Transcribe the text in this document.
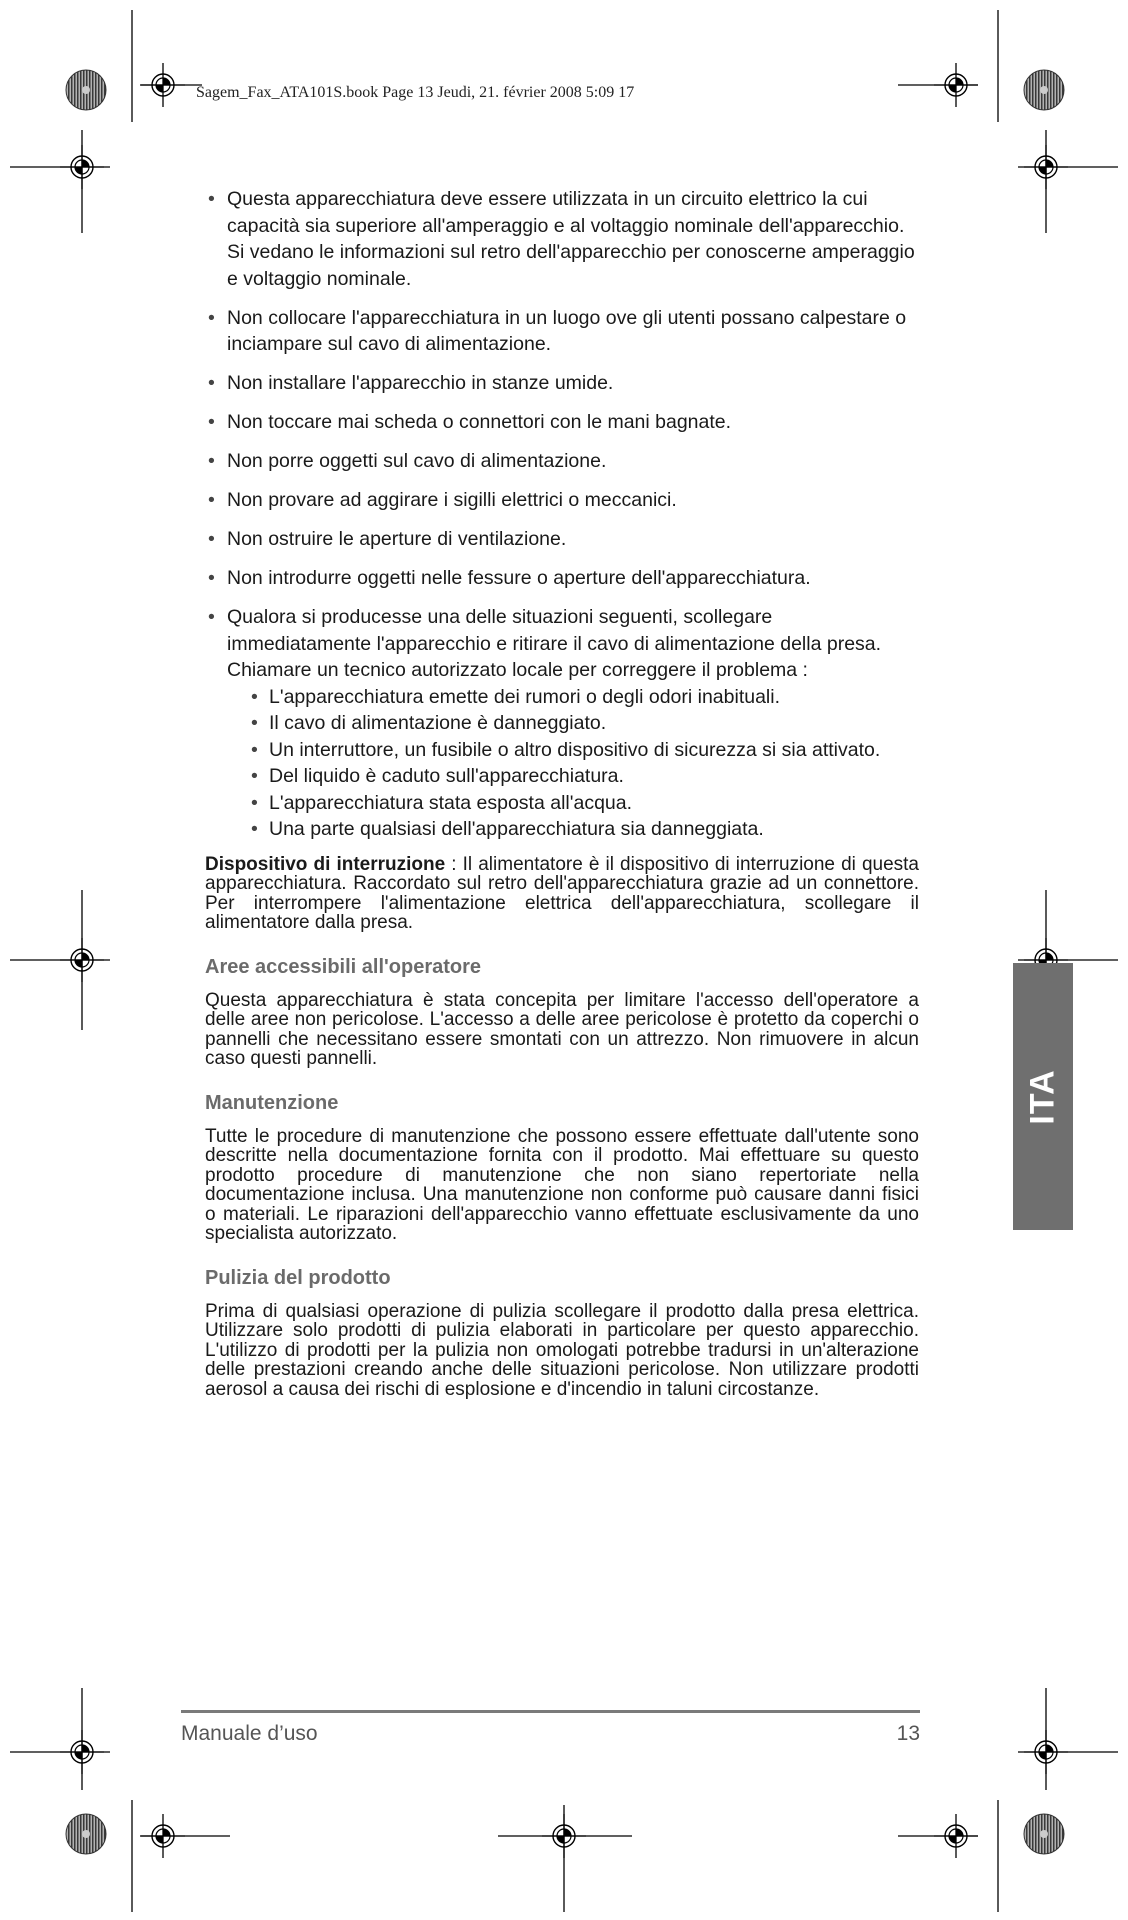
Sagem_Fax_ATA101S.book Page 13 Jeudi, 21. février 2008 5:09 17
• Questa apparecchiatura deve essere utilizzata in un circuito elettrico la cui capacità sia superiore all'amperaggio e al voltaggio nominale dell'apparecchio. Si vedano le informazioni sul retro dell'apparecchio per conoscerne amperaggio e voltaggio nominale.
• Non collocare l'apparecchiatura in un luogo ove gli utenti possano calpestare o inciampare sul cavo di alimentazione.
• Non installare l'apparecchio in stanze umide.
• Non toccare mai scheda o connettori con le mani bagnate.
• Non porre oggetti sul cavo di alimentazione.
• Non provare ad aggirare i sigilli elettrici o meccanici.
• Non ostruire le aperture di ventilazione.
• Non introdurre oggetti nelle fessure o aperture dell'apparecchiatura.
• Qualora si producesse una delle situazioni seguenti, scollegare immediatamente l'apparecchio e ritirare il cavo di alimentazione della presa. Chiamare un tecnico autorizzato locale per correggere il problema :
• L'apparecchiatura emette dei rumori o degli odori inabituali.
• Il cavo di alimentazione è danneggiato.
• Un interruttore, un fusibile o altro dispositivo di sicurezza si sia attivato.
• Del liquido è caduto sull'apparecchiatura.
• L'apparecchiatura stata esposta all'acqua.
• Una parte qualsiasi dell'apparecchiatura sia danneggiata.

Dispositivo di interruzione : Il alimentatore è il dispositivo di interruzione di questa apparecchiatura. Raccordato sul retro dell'apparecchiatura grazie ad un connettore. Per interrompere l'alimentazione elettrica dell'apparecchiatura, scollegare il alimentatore dalla presa.

Aree accessibili all'operatore

Questa apparecchiatura è stata concepita per limitare l'accesso dell'operatore a delle aree non pericolose. L'accesso a delle aree pericolose è protetto da coperchi o pannelli che necessitano essere smontati con un attrezzo. Non rimuovere in alcun caso questi pannelli.

Manutenzione

Tutte le procedure di manutenzione che possono essere effettuate dall'utente sono descritte nella documentazione fornita con il prodotto. Mai effettuare su questo prodotto procedure di manutenzione che non siano repertoriate nella documentazione inclusa. Una manutenzione non conforme può causare danni fisici o materiali. Le riparazioni dell'apparecchio vanno effettuate esclusivamente da uno specialista autorizzato.

Pulizia del prodotto

Prima di qualsiasi operazione di pulizia scollegare il prodotto dalla presa elettrica. Utilizzare solo prodotti di pulizia elaborati in particolare per questo apparecchio. L'utilizzo di prodotti per la pulizia non omologati potrebbe tradursi in un'alterazione delle prestazioni creando anche delle situazioni pericolose. Non utilizzare prodotti aerosol a causa dei rischi di esplosione e d'incendio in taluni circostanze.

ITA
Manuale d’uso	13
